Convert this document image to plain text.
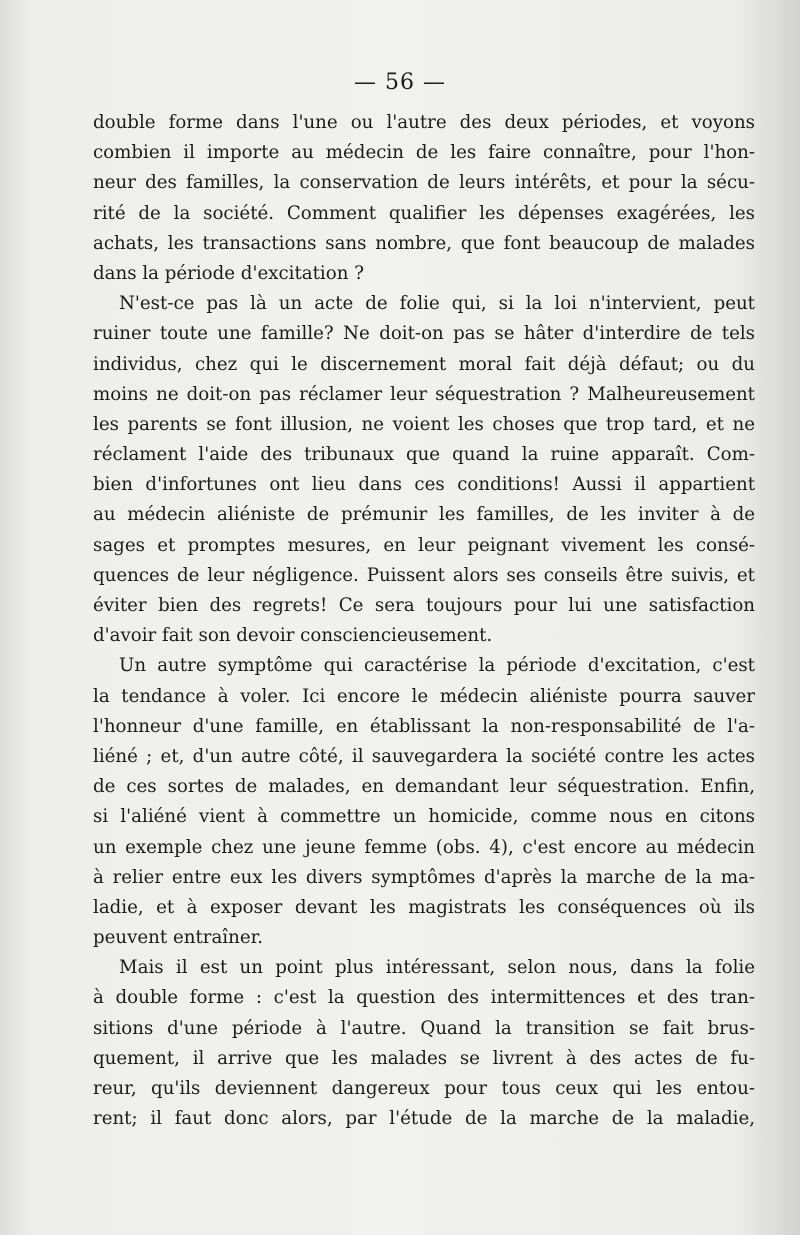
— 56 —
double forme dans l'une ou l'autre des deux périodes, et voyons
combien il importe au médecin de les faire connaître, pour l'hon-
neur des familles, la conservation de leurs intérêts, et pour la sécu-
rité de la société. Comment qualifier les dépenses exagérées, les
achats, les transactions sans nombre, que font beaucoup de malades
dans la période d'excitation ?
N'est-ce pas là un acte de folie qui, si la loi n'intervient, peut
ruiner toute une famille? Ne doit-on pas se hâter d'interdire de tels
individus, chez qui le discernement moral fait déjà défaut; ou du
moins ne doit-on pas réclamer leur séquestration ? Malheureusement
les parents se font illusion, ne voient les choses que trop tard, et ne
réclament l'aide des tribunaux que quand la ruine apparaît. Com-
bien d'infortunes ont lieu dans ces conditions! Aussi il appartient
au médecin aliéniste de prémunir les familles, de les inviter à de
sages et promptes mesures, en leur peignant vivement les consé-
quences de leur négligence. Puissent alors ses conseils être suivis, et
éviter bien des regrets! Ce sera toujours pour lui une satisfaction
d'avoir fait son devoir consciencieusement.
Un autre symptôme qui caractérise la période d'excitation, c'est
la tendance à voler. Ici encore le médecin aliéniste pourra sauver
l'honneur d'une famille, en établissant la non-responsabilité de l'a-
liéné ; et, d'un autre côté, il sauvegardera la société contre les actes
de ces sortes de malades, en demandant leur séquestration. Enfin,
si l'aliéné vient à commettre un homicide, comme nous en citons
un exemple chez une jeune femme (obs. 4), c'est encore au médecin
à relier entre eux les divers symptômes d'après la marche de la ma-
ladie, et à exposer devant les magistrats les conséquences où ils
peuvent entraîner.
Mais il est un point plus intéressant, selon nous, dans la folie
à double forme : c'est la question des intermittences et des tran-
sitions d'une période à l'autre. Quand la transition se fait brus-
quement, il arrive que les malades se livrent à des actes de fu-
reur, qu'ils deviennent dangereux pour tous ceux qui les entou-
rent; il faut donc alors, par l'étude de la marche de la maladie,
